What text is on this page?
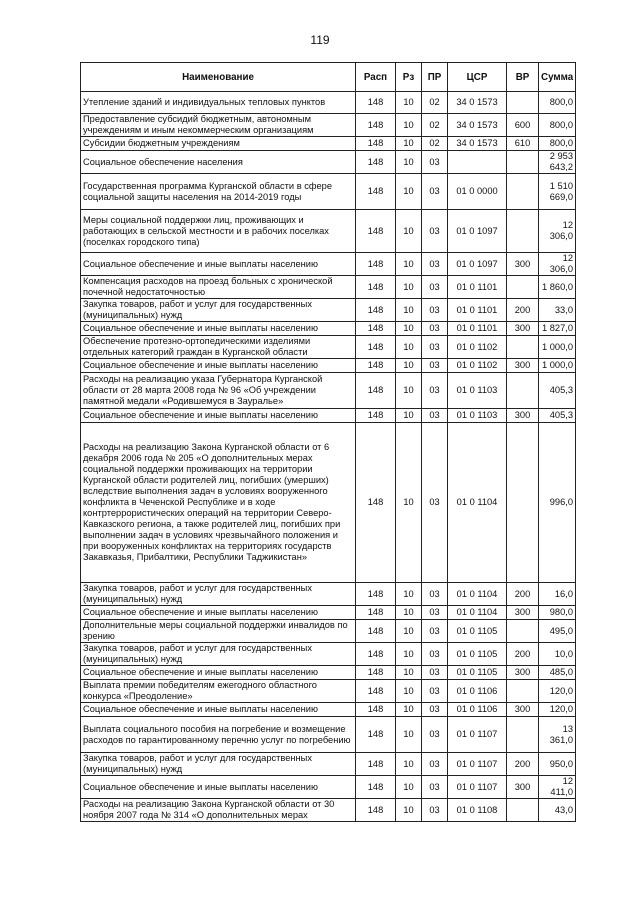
119
Наименование	Расп	Рз	ПР	ЦСР	ВР	Сумма
Утепление зданий и индивидуальных тепловых пунктов	148	10	02	34 0 1573		800,0
Предоставление субсидий бюджетным, автономным учреждениям и иным некоммерческим организациям	148	10	02	34 0 1573	600	800,0
Субсидии бюджетным учреждениям	148	10	02	34 0 1573	610	800,0
Социальное обеспечение населения	148	10	03			2 953 643,2
Государственная программа Курганской области в сфере социальной защиты населения на 2014-2019 годы	148	10	03	01 0 0000		1 510 669,0
Меры социальной поддержки лиц, проживающих и работающих в сельской местности и в рабочих поселках (поселках городского типа)	148	10	03	01 0 1097		12 306,0
Социальное обеспечение и иные выплаты населению	148	10	03	01 0 1097	300	12 306,0
Компенсация расходов на проезд больных с хронической почечной недостаточностью	148	10	03	01 0 1101		1 860,0
Закупка товаров, работ и услуг для государственных (муниципальных) нужд	148	10	03	01 0 1101	200	33,0
Социальное обеспечение и иные выплаты населению	148	10	03	01 0 1101	300	1 827,0
Обеспечение протезно-ортопедическими изделиями отдельных категорий граждан в Курганской области	148	10	03	01 0 1102		1 000,0
Социальное обеспечение и иные выплаты населению	148	10	03	01 0 1102	300	1 000,0
Расходы на реализацию указа Губернатора Курганской области от 28 марта 2008 года № 96 «Об учреждении памятной медали «Родившемуся в Зауралье»	148	10	03	01 0 1103		405,3
Социальное обеспечение и иные выплаты населению	148	10	03	01 0 1103	300	405,3
Расходы на реализацию Закона Курганской области от 6 декабря 2006 года № 205 «О дополнительных мерах социальной поддержки проживающих на территории Курганской области родителей лиц, погибших (умерших) вследствие выполнения задач в условиях вооруженного конфликта в Чеченской Республике и в ходе контртеррористических операций на территории Северо-Кавказского региона, а также родителей лиц, погибших при выполнении задач в условиях чрезвычайного положения и при вооруженных конфликтах на территориях государств Закавказья, Прибалтики, Республики Таджикистан»	148	10	03	01 0 1104		996,0
Закупка товаров, работ и услуг для государственных (муниципальных) нужд	148	10	03	01 0 1104	200	16,0
Социальное обеспечение и иные выплаты населению	148	10	03	01 0 1104	300	980,0
Дополнительные меры социальной поддержки инвалидов по зрению	148	10	03	01 0 1105		495,0
Закупка товаров, работ и услуг для государственных (муниципальных) нужд	148	10	03	01 0 1105	200	10,0
Социальное обеспечение и иные выплаты населению	148	10	03	01 0 1105	300	485,0
Выплата премии победителям ежегодного областного конкурса «Преодоление»	148	10	03	01 0 1106		120,0
Социальное обеспечение и иные выплаты населению	148	10	03	01 0 1106	300	120,0
Выплата социального пособия на погребение и возмещение расходов по гарантированному перечню услуг по погребению	148	10	03	01 0 1107		13 361,0
Закупка товаров, работ и услуг для государственных (муниципальных) нужд	148	10	03	01 0 1107	200	950,0
Социальное обеспечение и иные выплаты населению	148	10	03	01 0 1107	300	12 411,0
Расходы на реализацию Закона Курганской области от 30 ноября 2007 года № 314 «О дополнительных мерах	148	10	03	01 0 1108		43,0
